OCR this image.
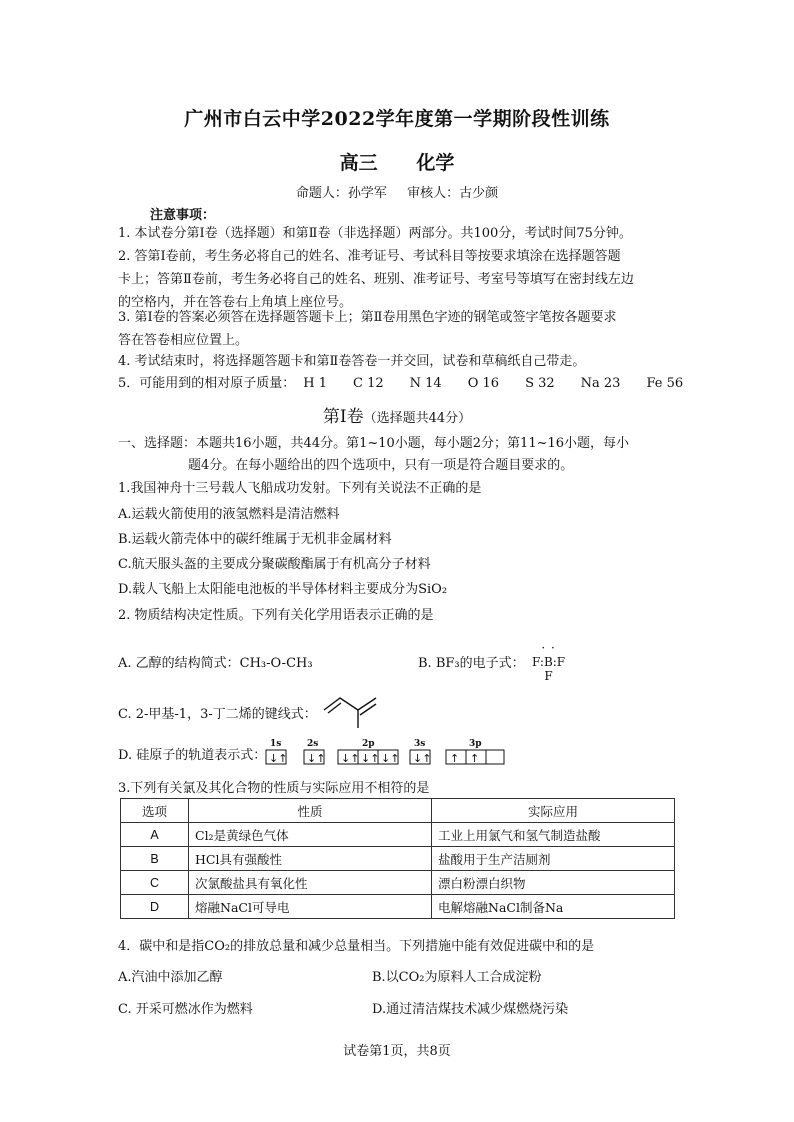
广州市白云中学2022学年度第一学期阶段性训练
高三 化学
命题人：孙学军 审核人：古少颜
注意事项：
1. 本试卷分第Ⅰ卷（选择题）和第Ⅱ卷（非选择题）两部分。共100分，考试时间75分钟。
2. 答第Ⅰ卷前，考生务必将自己的姓名、准考证号、考试科目等按要求填涂在选择题答题
卡上；答第Ⅱ卷前，考生务必将自己的姓名、班别、准考证号、考室号等填写在密封线左边
的空格内，并在答卷右上角填上座位号。
3. 第Ⅰ卷的答案必须答在选择题答题卡上；第Ⅱ卷用黑色字迹的钢笔或签字笔按各题要求
答在答卷相应位置上。
4. 考试结束时，将选择题答题卡和第Ⅱ卷答卷一并交回，试卷和草稿纸自己带走。
5．可能用到的相对原子质量： H 1 C 12 N 14 O 16 S 32 Na 23 Fe 56
第Ⅰ卷（选择题共44分）
一、选择题：本题共16小题，共44分。第1~10小题，每小题2分；第11~16小题，每小
题4分。在每小题给出的四个选项中，只有一项是符合题目要求的。
1.我国神舟十三号载人飞船成功发射。下列有关说法不正确的是
A.运载火箭使用的液氢燃料是清洁燃料
B.运载火箭壳体中的碳纤维属于无机非金属材料
C.航天服头盔的主要成分聚碳酸酯属于有机高分子材料
D.载人飞船上太阳能电池板的半导体材料主要成分为SiO₂
2. 物质结构决定性质。下列有关化学用语表示正确的是
A. 乙醇的结构简式：CH₃-O-CH₃	B. BF₃的电子式：
· ·
F:B:F
F
C. 2-甲基-1，3-丁二烯的键线式：
D. 硅原子的轨道表示式：
1s	2s	2p	3s	3p
↓↑ ↓↑ ↓↑ ↓↑ ↓↑ ↓↑ ↑ ↑
3.下列有关氯及其化合物的性质与实际应用不相符的是
选项	性质	实际应用
A	Cl₂是黄绿色气体	工业上用氯气和氢气制造盐酸
B	HCl具有强酸性	盐酸用于生产洁厕剂
C	次氯酸盐具有氧化性	漂白粉漂白织物
D	熔融NaCl可导电	电解熔融NaCl制备Na
4．碳中和是指CO₂的排放总量和减少总量相当。下列措施中能有效促进碳中和的是
A.汽油中添加乙醇	B.以CO₂为原料人工合成淀粉
C. 开采可燃冰作为燃料	D.通过清洁煤技术减少煤燃烧污染
试卷第1页，共8页
